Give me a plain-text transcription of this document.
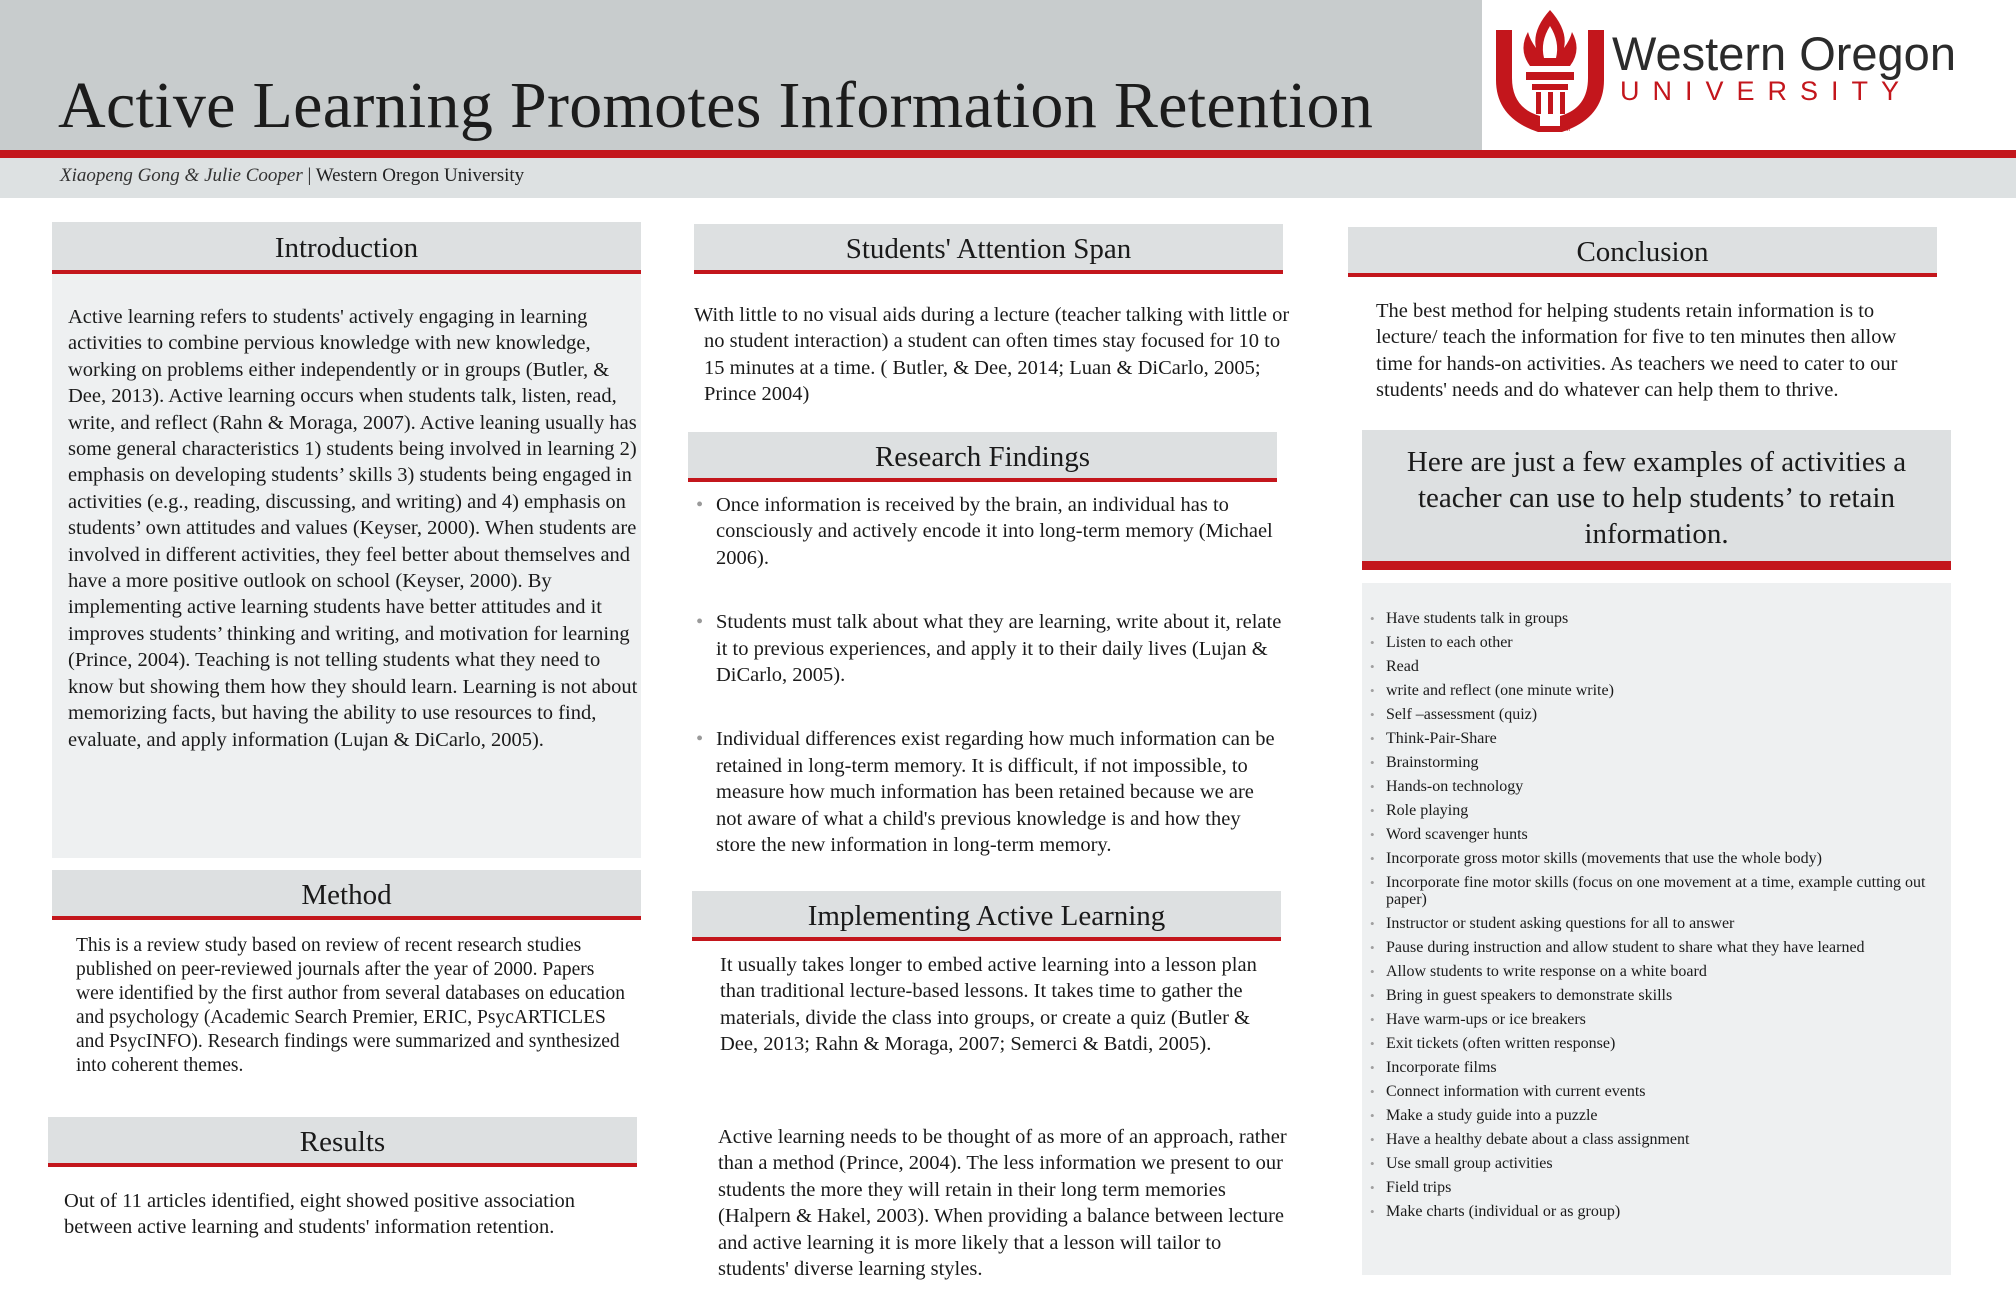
Active Learning Promotes Information Retention
Xiaopeng Gong & Julie Cooper | Western Oregon University
TM
Western Oregon
UNIVERSITY
Introduction
Active learning refers to students' actively engaging in learning activities to combine pervious knowledge with new knowledge, working on problems either independently or in groups (Butler, & Dee, 2013). Active learning occurs when students talk, listen, read, write, and reflect (Rahn & Moraga, 2007). Active leaning usually has some general characteristics 1) students being involved in learning 2) emphasis on developing students’ skills 3) students being engaged in activities (e.g., reading, discussing, and writing) and 4) emphasis on students’ own attitudes and values (Keyser, 2000). When students are involved in different activities, they feel better about themselves and have a more positive outlook on school (Keyser, 2000). By implementing active learning students have better attitudes and it improves students’ thinking and writing, and motivation for learning (Prince, 2004). Teaching is not telling students what they need to know but showing them how they should learn. Learning is not about memorizing facts, but having the ability to use resources to find, evaluate, and apply information (Lujan & DiCarlo, 2005).
Method
This is a review study based on review of recent research studies published on peer-reviewed journals after the year of 2000. Papers were identified by the first author from several databases on education and psychology (Academic Search Premier, ERIC, PsycARTICLES and PsycINFO). Research findings were summarized and synthesized into coherent themes.
Results
Out of 11 articles identified, eight showed positive association between active learning and students' information retention.
Students' Attention Span
With little to no visual aids during a lecture (teacher talking with little or no student interaction) a student can often times stay focused for 10 to 15 minutes at a time. ( Butler, & Dee, 2014; Luan & DiCarlo, 2005; Prince 2004)
Research Findings
• Once information is received by the brain, an individual has to consciously and actively encode it into long-term memory (Michael 2006).
• Students must talk about what they are learning, write about it, relate it to previous experiences, and apply it to their daily lives (Lujan & DiCarlo, 2005).
• Individual differences exist regarding how much information can be retained in long-term memory. It is difficult, if not impossible, to measure how much information has been retained because we are not aware of what a child's previous knowledge is and how they store the new information in long-term memory.
Implementing Active Learning
It usually takes longer to embed active learning into a lesson plan than traditional lecture-based lessons. It takes time to gather the materials, divide the class into groups, or create a quiz (Butler & Dee, 2013; Rahn & Moraga, 2007; Semerci & Batdi, 2005).
Active learning needs to be thought of as more of an approach, rather than a method (Prince, 2004). The less information we present to our students the more they will retain in their long term memories (Halpern & Hakel, 2003). When providing a balance between lecture and active learning it is more likely that a lesson will tailor to students' diverse learning styles.
Conclusion
The best method for helping students retain information is to lecture/ teach the information for five to ten minutes then allow time for hands-on activities. As teachers we need to cater to our students' needs and do whatever can help them to thrive.
Here are just a few examples of activities a teacher can use to help students’ to retain information.
• Have students talk in groups
• Listen to each other
• Read
• write and reflect (one minute write)
• Self –assessment (quiz)
• Think-Pair-Share
• Brainstorming
• Hands-on technology
• Role playing
• Word scavenger hunts
• Incorporate gross motor skills (movements that use the whole body)
• Incorporate fine motor skills (focus on one movement at a time, example cutting out paper)
• Instructor or student asking questions for all to answer
• Pause during instruction and allow student to share what they have learned
• Allow students to write response on a white board
• Bring in guest speakers to demonstrate skills
• Have warm-ups or ice breakers
• Exit tickets (often written response)
• Incorporate films
• Connect information with current events
• Make a study guide into a puzzle
• Have a healthy debate about a class assignment
• Use small group activities
• Field trips
• Make charts (individual or as group)
